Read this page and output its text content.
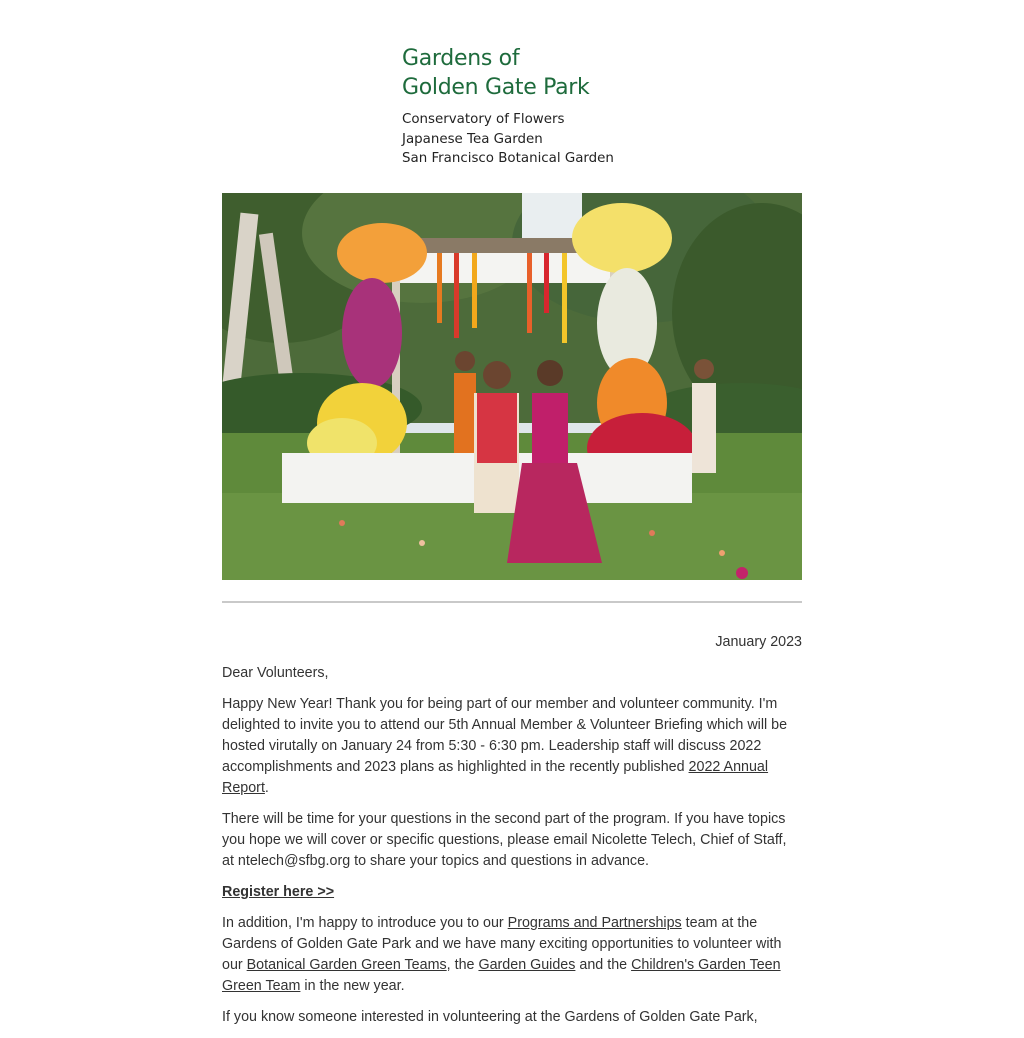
Gardens of
Golden Gate Park
Conservatory of Flowers
Japanese Tea Garden
San Francisco Botanical Garden

January 2023

Dear Volunteers,

Happy New Year! Thank you for being part of our member and volunteer community. I'm delighted to invite you to attend our 5th Annual Member & Volunteer Briefing which will be hosted virutally on January 24 from 5:30 - 6:30 pm. Leadership staff will discuss 2022 accomplishments and 2023 plans as highlighted in the recently published 2022 Annual Report.

There will be time for your questions in the second part of the program. If you have topics you hope we will cover or specific questions, please email Nicolette Telech, Chief of Staff, at ntelech@sfbg.org to share your topics and questions in advance.

Register here >>

In addition, I'm happy to introduce you to our Programs and Partnerships team at the Gardens of Golden Gate Park and we have many exciting opportunities to volunteer with our Botanical Garden Green Teams, the Garden Guides and the Children's Garden Teen Green Team in the new year.

If you know someone interested in volunteering at the Gardens of Golden Gate Park,
